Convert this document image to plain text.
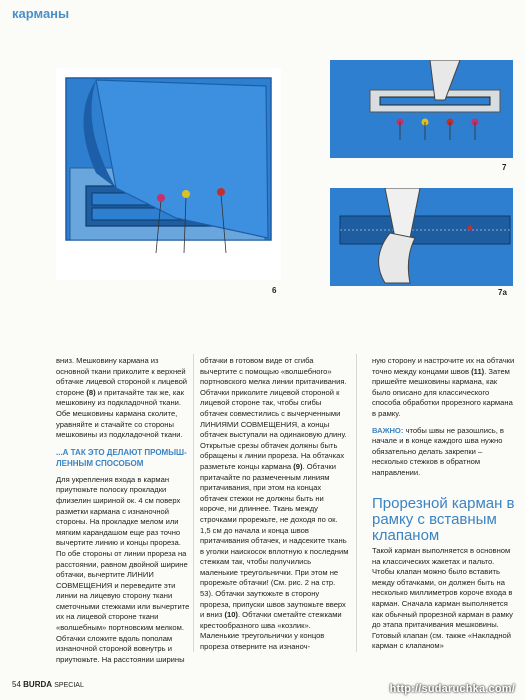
карманы
6
7
7а

вниз. Мешковину кармана из основной ткани приколите к верхней обтачке лицевой стороной к лицевой стороне (8) и притачайте так же, как мешковину из подкладочной ткани. Обе мешковины кармана сколите, уравняйте и стачайте со стороны мешковины из подкладочной ткани.

...А ТАК ЭТО ДЕЛАЮТ ПРОМЫШ-ЛЕННЫМ СПОСОБОМ

Для укрепления входа в карман приутюжьте полоску прокладки флизелин шириной ок. 4 см поверх разметки кармана с изнаночной стороны. На прокладке мелом или мягким карандашом еще раз точно вычертите линию и концы прореза. По обе стороны от линии прореза на расстоянии, равном двойной ширине обтачки, вычертите ЛИНИИ СОВМЕЩЕНИЯ и переведите эти линии на лицевую сторону ткани сметочными стежками или вычертите их на лицевой стороне ткани «волшебным» портновским мелком. Обтачки сложите вдоль пополам изнаночной стороной вовнутрь и приутюжьте. На расстоянии ширины

обтачки в готовом виде от сгиба вычертите с помощью «волшебного» портновского мелка линии притачивания. Обтачки приколите лицевой стороной к лицевой стороне так, чтобы сгибы обтачек совместились с вычерченными ЛИНИЯМИ СОВМЕЩЕНИЯ, а концы обтачек выступали на одинаковую длину. Открытые срезы обтачек должны быть обращены к линии прореза. На обтачках разметьте концы кармана (9). Обтачки притачайте по размеченным линиям притачивания, при этом на концах обтачек стежки не должны быть ни короче, ни длиннее. Ткань между строчками прорежьте, не доходя по ок. 1,5 см до начала и конца швов притачивания обтачек, и надсеките ткань в уголки наискосок вплотную к последним стежкам так, чтобы получились маленькие треугольнички. При этом не прорежьте обтачки! (См. рис. 2 на стр. 53). Обтачки заутюжьте в сторону прореза, припуски швов заутюжьте вверх и вниз (10). Обтачки сметайте стежками крестообразного шва «козлик». Маленькие треугольнички у концов прореза отверните на изнаноч-

ную сторону и настрочите их на обтачки точно между концами швов (11). Затем пришейте мешковины кармана, как было описано для классического способа обработки прорезного кармана в рамку.

ВАЖНО: чтобы швы не разошлись, в начале и в конце каждого шва нужно обязательно делать закрепки – несколько стежков в обратном направлении.

Прорезной карман в рамку с вставным клапаном

Такой карман выполняется в основном на классических жакетах и пальто. Чтобы клапан можно было вставить между обтачками, он должен быть на несколько миллиметров короче входа в карман. Сначала карман выполняется как обычный прорезной карман в рамку до этапа притачивания мешковины. Готовый клапан (см. также «Накладной карман с клапаном»

54 BURDA SPECIAL	http://sudaruchka.com/
